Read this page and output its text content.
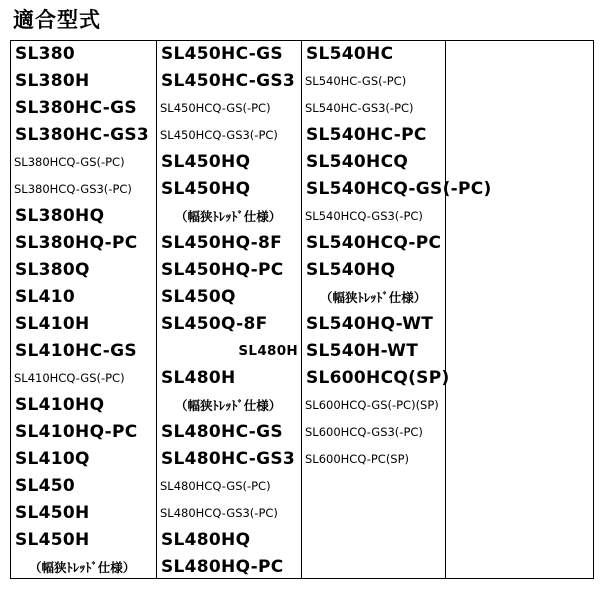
適合型式
SL380
SL380H
SL380HC-GS
SL380HC-GS3
SL380HCQ-GS(-PC)
SL380HCQ-GS3(-PC)
SL380HQ
SL380HQ-PC
SL380Q
SL410
SL410H
SL410HC-GS
SL410HCQ-GS(-PC)
SL410HQ
SL410HQ-PC
SL410Q
SL450
SL450H
SL450H
（幅狭ﾄﾚｯﾄﾞ仕様）
SL450HC-GS
SL450HC-GS3
SL450HCQ-GS(-PC)
SL450HCQ-GS3(-PC)
SL450HQ
SL450HQ
（幅狭ﾄﾚｯﾄﾞ仕様）
SL450HQ-8F
SL450HQ-PC
SL450Q
SL450Q-8F
SL480H
SL480H
（幅狭ﾄﾚｯﾄﾞ仕様）
SL480HC-GS
SL480HC-GS3
SL480HCQ-GS(-PC)
SL480HCQ-GS3(-PC)
SL480HQ
SL480HQ-PC
SL540HC
SL540HC-GS(-PC)
SL540HC-GS3(-PC)
SL540HC-PC
SL540HCQ
SL540HCQ-GS(-PC)
SL540HCQ-GS3(-PC)
SL540HCQ-PC
SL540HQ
（幅狭ﾄﾚｯﾄﾞ仕様）
SL540HQ-WT
SL540H-WT
SL600HCQ(SP)
SL600HCQ-GS(-PC)(SP)
SL600HCQ-GS3(-PC)
SL600HCQ-PC(SP)
